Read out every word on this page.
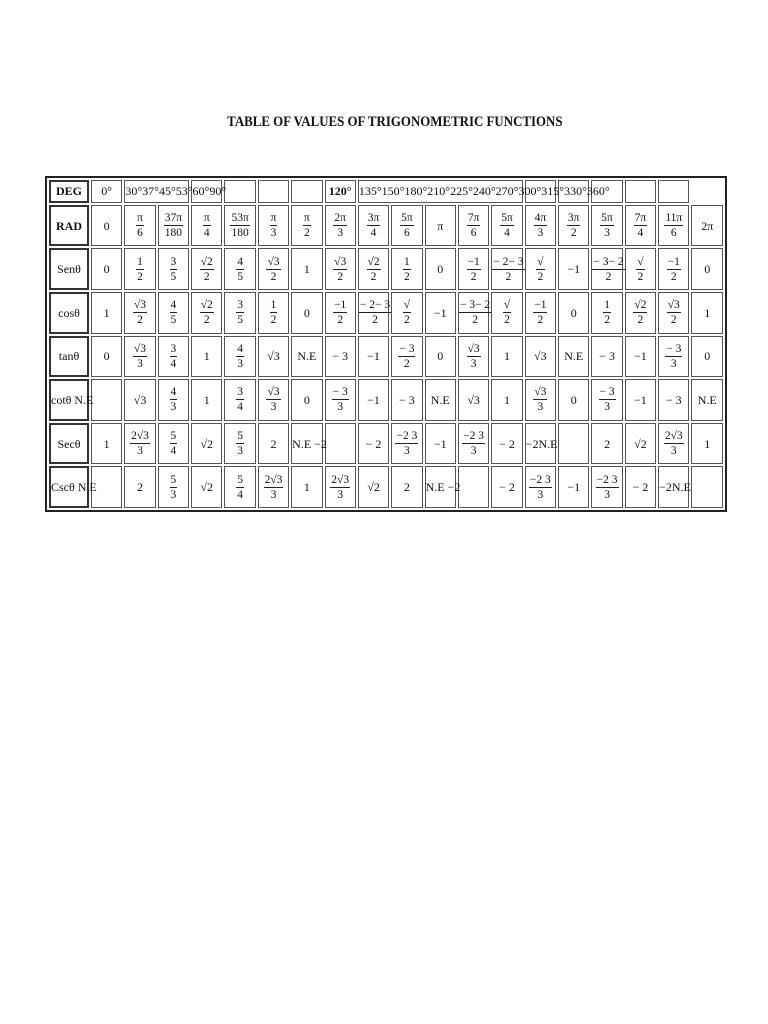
TABLE OF VALUES OF TRIGONOMETRIC FUNCTIONS
DEG	0°	30°37°45°53°60°90°						120°	135°150°180°210°225°240°270°300°315°330°360°										
RAD	0	$\frac{\pi}{6}$	$\frac{37\pi}{180}$	$\frac{\pi}{4}$	$\frac{53\pi}{180}$	$\frac{\pi}{3}$	$\frac{\pi}{2}$	$\frac{2\pi}{3}$	$\frac{3\pi}{4}$	$\frac{5\pi}{6}$	π	$\frac{7\pi}{6}$	$\frac{5\pi}{4}$	$\frac{4\pi}{3}$	$\frac{3\pi}{2}$	$\frac{5\pi}{3}$	$\frac{7\pi}{4}$	$\frac{11\pi}{6}$	2π
Senθ	0	$\frac{1}{2}$	$\frac{3}{5}$	$\frac{√2}{2}$	$\frac{4}{5}$	$\frac{√3}{2}$	1	$\frac{√3}{2}$	$\frac{√2}{2}$	$\frac{1}{2}$	0	$\frac{-1}{2}$	$\frac{- 2- 3}{2}$	$\frac{√}{2}$	−1	$\frac{- 3- 2}{2}$	$\frac{√}{2}$	$\frac{-1}{2}$	0
cosθ	1	$\frac{√3}{2}$	$\frac{4}{5}$	$\frac{√2}{2}$	$\frac{3}{5}$	$\frac{1}{2}$	0	$\frac{-1}{2}$	$\frac{- 2- 3}{2}$	$\frac{√}{2}$	−1	$\frac{- 3- 2}{2}$	$\frac{√}{2}$	$\frac{-1}{2}$	0	$\frac{1}{2}$	$\frac{√2}{2}$	$\frac{√3}{2}$	1
tanθ	0	$\frac{√3}{3}$	$\frac{3}{4}$	1	$\frac{4}{3}$	√3	N.E	− 3	−1	$\frac{- 3}{2}$	0	$\frac{√3}{3}$	1	√3	N.E	− 3	−1	$\frac{- 3}{3}$	0
cotθ N.E		√3	$\frac{4}{3}$	1	$\frac{3}{4}$	$\frac{√3}{3}$	0	$\frac{- 3}{3}$	−1	− 3	N.E	√3	1	$\frac{√3}{3}$	0	$\frac{- 3}{3}$	−1	− 3	N.E
Secθ	1	$\frac{2√3}{3}$	$\frac{5}{4}$	√2	$\frac{5}{3}$	2	N.E −2		− 2	$\frac{-2 3}{3}$	−1	$\frac{-2 3}{3}$	− 2	−2N.E		2	√2	$\frac{2√3}{3}$	1
Cscθ N.E		2	$\frac{5}{3}$	√2	$\frac{5}{4}$	$\frac{2√3}{3}$	1	$\frac{2√3}{3}$	√2	2	N.E −2		− 2	$\frac{-2 3}{3}$	−1	$\frac{-2 3}{3}$	− 2	−2N.E	
